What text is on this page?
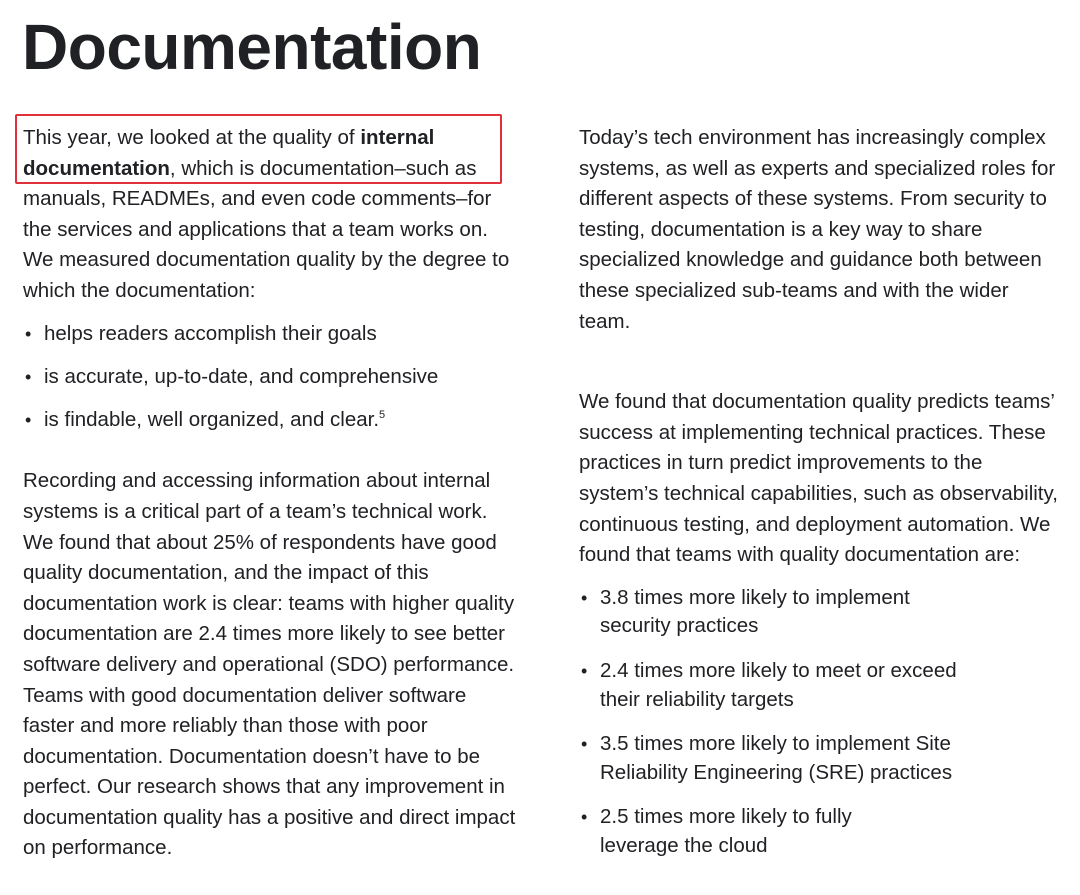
Documentation

This year, we looked at the quality of internal documentation, which is documentation–such as manuals, READMEs, and even code comments–for the services and applications that a team works on. We measured documentation quality by the degree to which the documentation:

• helps readers accomplish their goals
• is accurate, up-to-date, and comprehensive
• is findable, well organized, and clear.$^5$

Recording and accessing information about internal systems is a critical part of a team’s technical work. We found that about 25% of respondents have good quality documentation, and the impact of this documentation work is clear: teams with higher quality documentation are 2.4 times more likely to see better software delivery and operational (SDO) performance. Teams with good documentation deliver software faster and more reliably than those with poor documentation. Documentation doesn’t have to be perfect. Our research shows that any improvement in documentation quality has a positive and direct impact on performance.

Today’s tech environment has increasingly complex systems, as well as experts and specialized roles for different aspects of these systems. From security to testing, documentation is a key way to share specialized knowledge and guidance both between these specialized sub-teams and with the wider team.

We found that documentation quality predicts teams’ success at implementing technical practices. These practices in turn predict improvements to the system’s technical capabilities, such as observability, continuous testing, and deployment automation. We found that teams with quality documentation are:

• 3.8 times more likely to implement
security practices
• 2.4 times more likely to meet or exceed
their reliability targets
• 3.5 times more likely to implement Site
Reliability Engineering (SRE) practices
• 2.5 times more likely to fully
leverage the cloud
